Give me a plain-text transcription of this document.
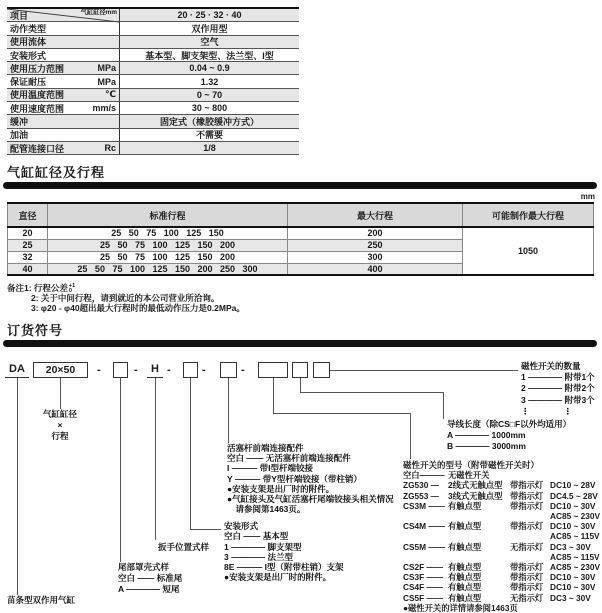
气缸缸径mm
项目	20 · 25 · 32 · 40
动作类型	双作用型
使用流体	空气
安装形式	基本型、脚支架型、法兰型、I型
使用压力范围	MPa	0.04 ~ 0.9
保证耐压	MPa	1.32
使用温度范围	℃	0 ~ 70
使用速度范围	mm/s	30 ~ 800
缓冲	固定式（橡胶缓冲方式）
加油	不需要
配管连接口径	Rc	1/8
气缸缸径及行程
mm
直径	标准行程	最大行程	可能制作最大行程
20	25 50 75 100 125 150	200	1050
25	25 50 75 100 125 150 200	250	
32	25 50 75 100 125 150 200	300	
40	25 50 75 100 125 150 200 250 300	400	
备注1: 行程公差 +1
0
2: 关于中间行程，请到就近的本公司营业所洽询。
3: φ20 - φ40超出最大行程时的最低动作压力是0.2MPa。
订货符号
DA	20×50	-	-	H -	-	-
气缸缸径
×
行程
活塞杆前端连接配件
空白 —— 无活塞杆前端连接配件
I ——— 带I型杆端铰接
Y ——— 带Y型杆端铰接（带柱销）
●安装支架是出厂时的附件。
●气缸接头及气缸活塞杆尾端铰接头相关情况
　请参阅第1463页。
安装形式
空白 —— 基本型
1 ———— 脚支架型
3 ———— 法兰型
8E ——— I型（附带柱销）支架
●安装支架是出厂时的附件。
扳手位置式样
尾部罩壳式样
空白 —— 标准尾
A ———— 短尾
苗条型双作用气缸
磁性开关的数量
1 ———— 附带1个
2 ———— 附带2个
3 ———— 附带3个
⋮　　　　⋮
导线长度（除CS□F以外均适用）
A ———— 1000mm
B ———— 3000mm
磁性开关的型号（附带磁性开关时）
空白——— 无磁性开关
ZG530 —	2线式无触点型 带指示灯 DC10 ~ 28V
ZG553 —	3线式无触点型 带指示灯 DC4.5 ~ 28V
CS3M —— 有触点型	带指示灯 DC10 ~ 30V
AC85 ~ 230V
CS4M —— 有触点型	带指示灯 DC10 ~ 30V
AC85 ~ 115V
CS5M —— 有触点型	无指示灯 DC3 ~ 30V
AC85 ~ 115V
CS2F —— 有触点型	带指示灯 AC85 ~ 230V
CS3F —— 有触点型	带指示灯 DC10 ~ 30V
CS4F —— 有触点型	带指示灯 DC10 ~ 30V
CS5F —— 有触点型	无指示灯 DC3 ~ 30V
●磁性开关的详情请参阅1463页
